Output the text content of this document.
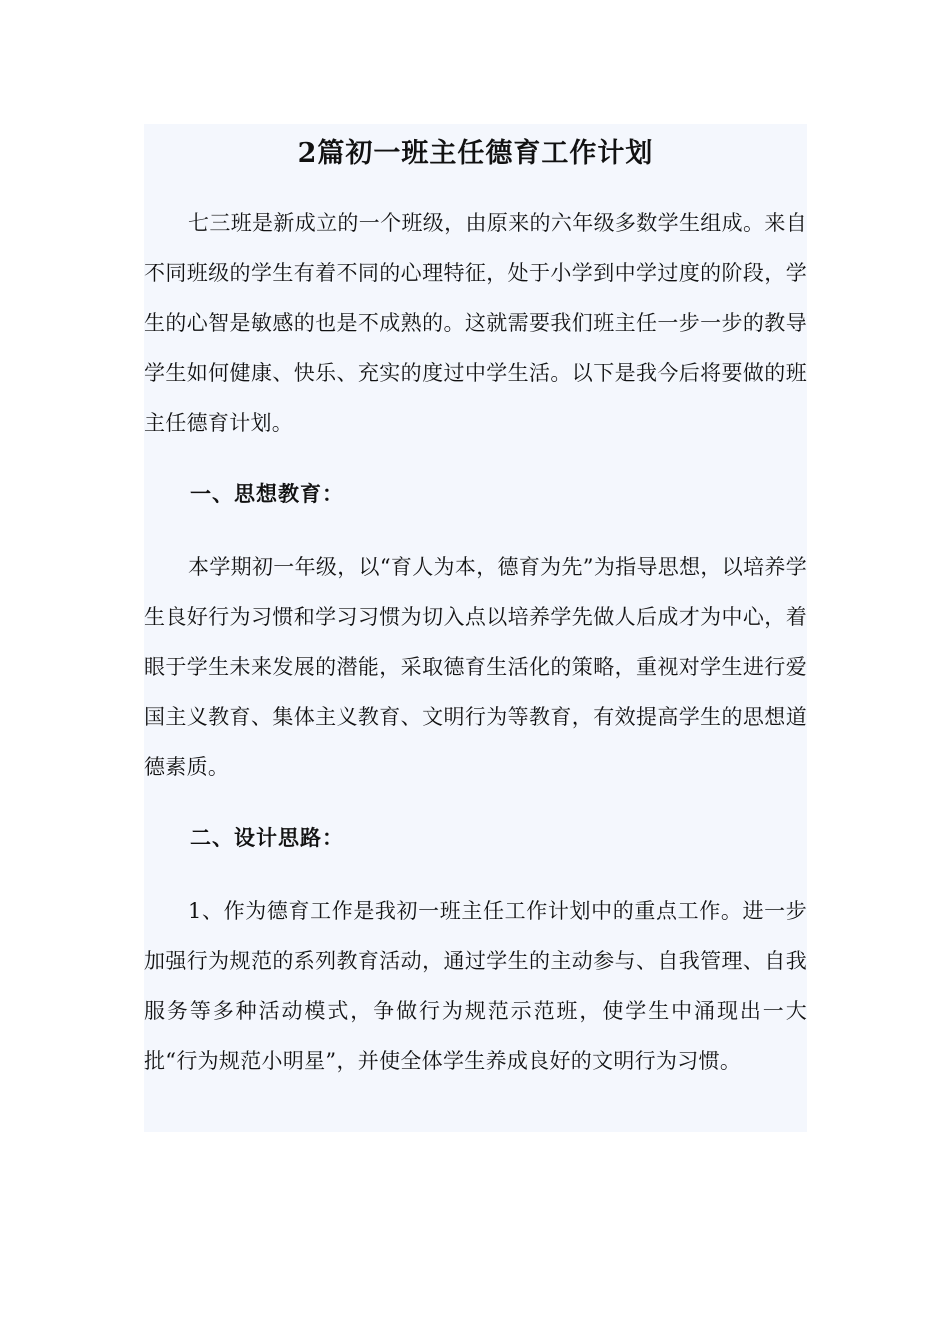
2篇初一班主任德育工作计划

七三班是新成立的一个班级，由原来的六年级多数学生组成。来自不同班级的学生有着不同的心理特征，处于小学到中学过度的阶段，学生的心智是敏感的也是不成熟的。这就需要我们班主任一步一步的教导学生如何健康、快乐、充实的度过中学生活。以下是我今后将要做的班主任德育计划。

一、思想教育：

本学期初一年级，以“育人为本，德育为先”为指导思想，以培养学生良好行为习惯和学习习惯为切入点以培养学先做人后成才为中心，着眼于学生未来发展的潜能，采取德育生活化的策略，重视对学生进行爱国主义教育、集体主义教育、文明行为等教育，有效提高学生的思想道德素质。

二、设计思路：

1、作为德育工作是我初一班主任工作计划中的重点工作。进一步加强行为规范的系列教育活动，通过学生的主动参与、自我管理、自我服务等多种活动模式，争做行为规范示范班，使学生中涌现出一大批“行为规范小明星”，并使全体学生养成良好的文明行为习惯。
